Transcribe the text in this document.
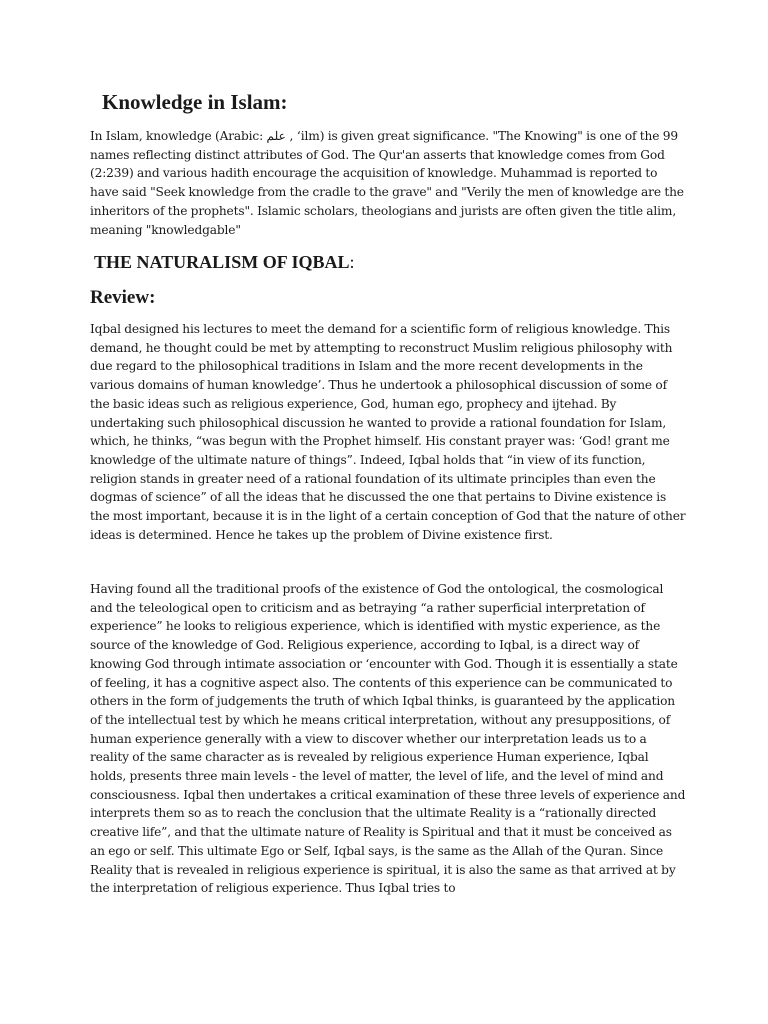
Knowledge in Islam:

In Islam, knowledge (Arabic: علم , ‘ilm) is given great significance. "The Knowing" is one of the 99 names reflecting distinct attributes of God. The Qur'an asserts that knowledge comes from God (2:239) and various hadith encourage the acquisition of knowledge. Muhammad is reported to have said "Seek knowledge from the cradle to the grave" and "Verily the men of knowledge are the inheritors of the prophets". Islamic scholars, theologians and jurists are often given the title alim, meaning "knowledgable"

THE NATURALISM OF IQBAL:
Review:

Iqbal designed his lectures to meet the demand for a scientific form of religious knowledge. This demand, he thought could be met by attempting to reconstruct Muslim religious philosophy with due regard to the philosophical traditions in Islam and the more recent developments in the various domains of human knowledge’. Thus he undertook a philosophical discussion of some of the basic ideas such as religious experience, God, human ego, prophecy and ijtehad. By undertaking such philosophical discussion he wanted to provide a rational foundation for Islam, which, he thinks, “was begun with the Prophet himself. His constant prayer was: ‘God! grant me knowledge of the ultimate nature of things”. Indeed, Iqbal holds that “in view of its function, religion stands in greater need of a rational foundation of its ultimate principles than even the dogmas of science” of all the ideas that he discussed the one that pertains to Divine existence is the most important, because it is in the light of a certain conception of God that the nature of other ideas is determined. Hence he takes up the problem of Divine existence first.

Having found all the traditional proofs of the existence of God the ontological, the cosmological and the teleological open to criticism and as betraying “a rather superficial interpretation of experience” he looks to religious experience, which is identified with mystic experience, as the source of the knowledge of God. Religious experience, according to Iqbal, is a direct way of knowing God through intimate association or ‘encounter with God. Though it is essentially a state of feeling, it has a cognitive aspect also. The contents of this experience can be communicated to others in the form of judgements the truth of which Iqbal thinks, is guaranteed by the application of the intellectual test by which he means critical interpretation, without any presuppositions, of human experience generally with a view to discover whether our interpretation leads us to a reality of the same character as is revealed by religious experience Human experience, Iqbal holds, presents three main levels - the level of matter, the level of life, and the level of mind and consciousness. Iqbal then undertakes a critical examination of these three levels of experience and interprets them so as to reach the conclusion that the ultimate Reality is a “rationally directed creative life”, and that the ultimate nature of Reality is Spiritual and that it must be conceived as an ego or self. This ultimate Ego or Self, Iqbal says, is the same as the Allah of the Quran. Since Reality that is revealed in religious experience is spiritual, it is also the same as that arrived at by the interpretation of religious experience. Thus Iqbal tries to
